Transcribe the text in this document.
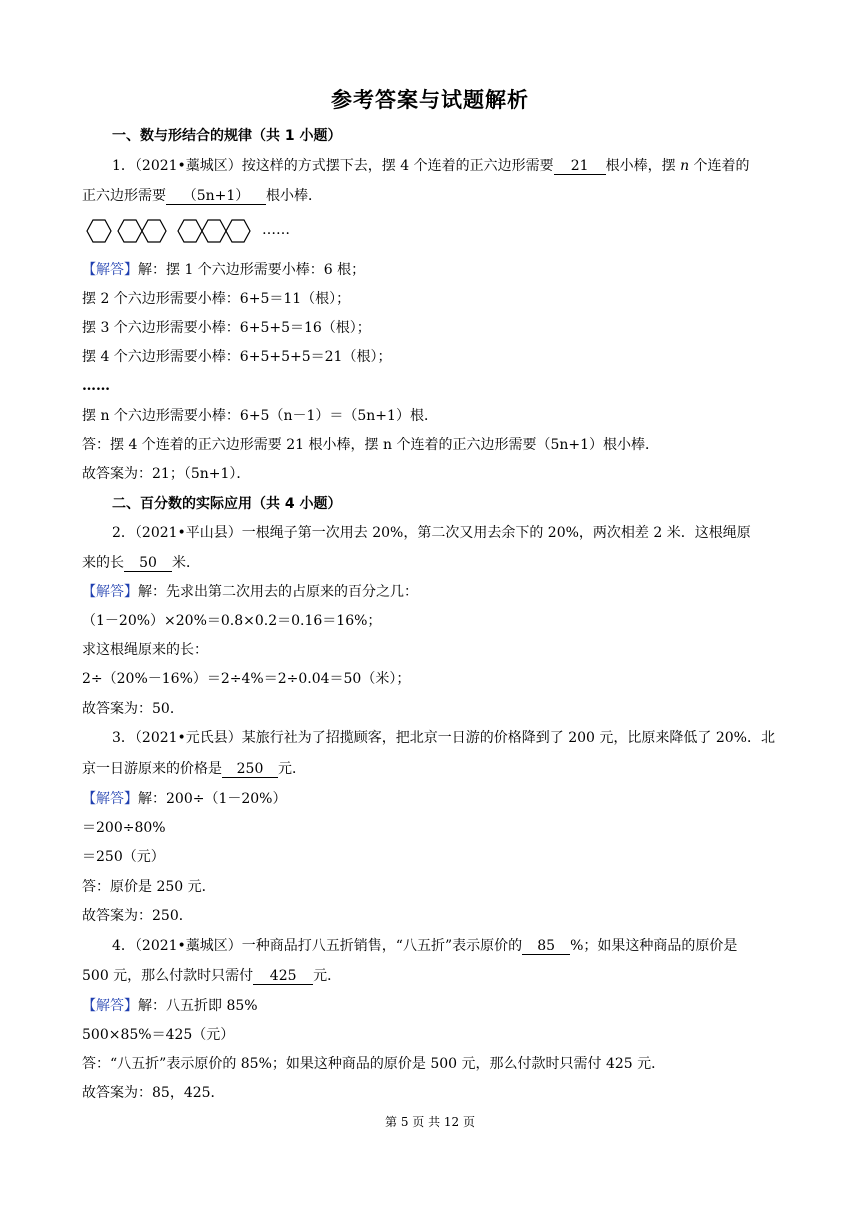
参考答案与试题解析
一、数与形结合的规律（共 1 小题）
1．（2021•藁城区）按这样的方式摆下去，摆 4 个连着的正六边形需要 21 根小棒，摆 n 个连着的
正六边形需要 （5n+1） 根小棒．
……
【解答】解：摆 1 个六边形需要小棒：6 根；
摆 2 个六边形需要小棒：6+5＝11（根）；
摆 3 个六边形需要小棒：6+5+5＝16（根）；
摆 4 个六边形需要小棒：6+5+5+5＝21（根）；
……
摆 n 个六边形需要小棒：6+5（n－1）＝（5n+1）根．
答：摆 4 个连着的正六边形需要 21 根小棒，摆 n 个连着的正六边形需要（5n+1）根小棒．
故答案为：21；（5n+1）．
二、百分数的实际应用（共 4 小题）
2．（2021•平山县）一根绳子第一次用去 20%，第二次又用去余下的 20%，两次相差 2 米．这根绳原
来的长 50 米．
【解答】解：先求出第二次用去的占原来的百分之几：
（1－20%）×20%＝0.8×0.2＝0.16＝16%；
求这根绳原来的长：
2÷（20%－16%）＝2÷4%＝2÷0.04＝50（米）；
故答案为：50．
3．（2021•元氏县）某旅行社为了招揽顾客，把北京一日游的价格降到了 200 元，比原来降低了 20%．北
京一日游原来的价格是 250 元．
【解答】解：200÷（1－20%）
＝200÷80%
＝250（元）
答：原价是 250 元．
故答案为：250．
4．（2021•藁城区）一种商品打八五折销售，“八五折”表示原价的 85 %；如果这种商品的原价是
500 元，那么付款时只需付 425 元．
【解答】解：八五折即 85%
500×85%＝425（元）
答：“八五折”表示原价的 85%；如果这种商品的原价是 500 元，那么付款时只需付 425 元．
故答案为：85，425．
第 5 页 共 12 页
